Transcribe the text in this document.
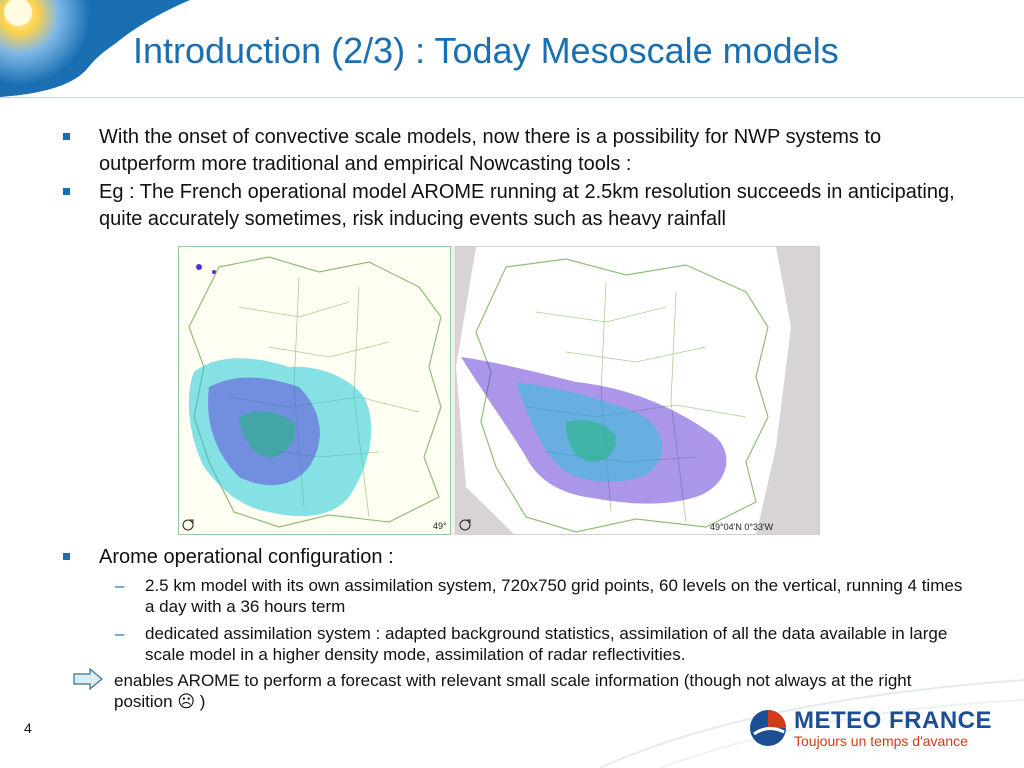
Introduction (2/3) : Today Mesoscale models
With the onset of convective scale models, now there is a possibility for NWP systems to outperform more traditional and empirical Nowcasting tools :
Eg : The French operational model AROME running at 2.5km resolution succeeds in anticipating, quite accurately sometimes, risk inducing events such as heavy rainfall
49°	49°04'N 0°33'W
Arome operational configuration :
– 2.5 km model with its own assimilation system, 720x750 grid points, 60 levels on the vertical, running 4 times a day with a 36 hours term
– dedicated assimilation system : adapted background statistics, assimilation of all the data available in large scale model in a higher density mode, assimilation of radar reflectivities.
enables AROME to perform a forecast with relevant small scale information (though not always at the right position ☹ )
4	METEO FRANCE
Toujours un temps d'avance
